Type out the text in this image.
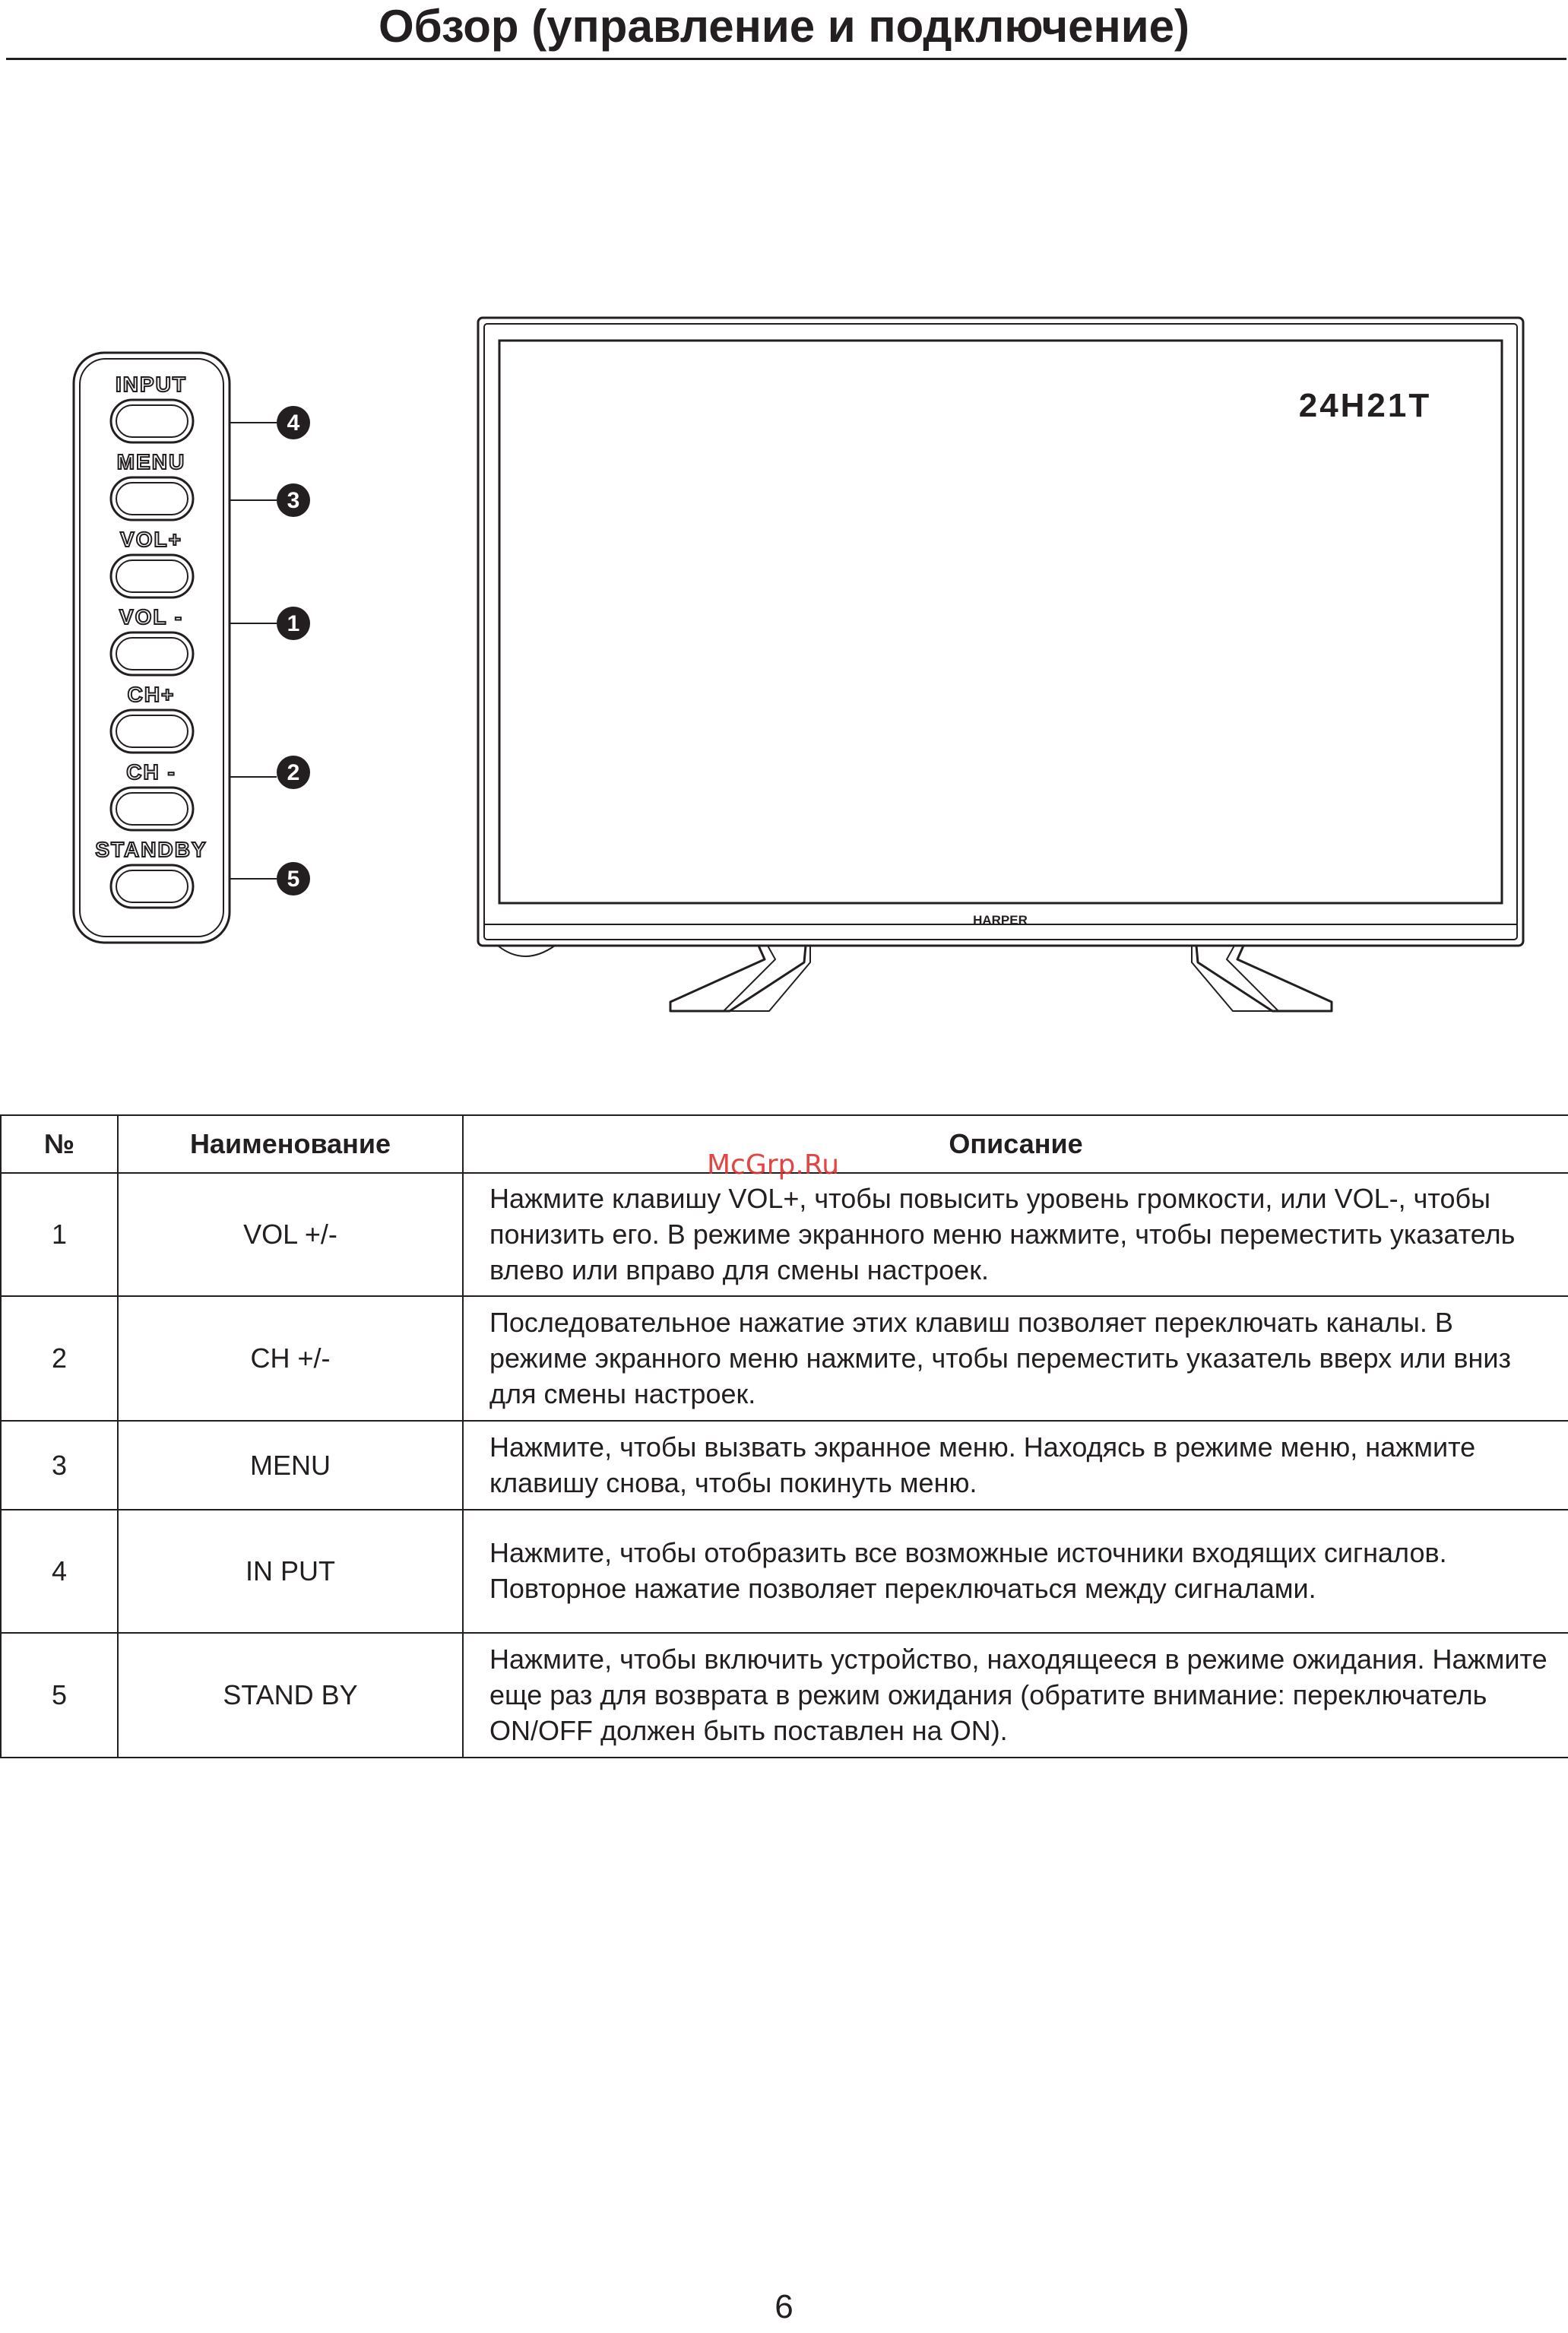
Обзор (управление и подключение)
INPUT
MENU
VOL+
VOL -
CH+
CH -
STANDBY
4
3
1
2
5
24H21T
HARPER
№	Наименование	Описание
1	VOL +/-	Нажмите клавишу VOL+, чтобы повысить уровень громкости, или VOL-, чтобы понизить его. В режиме экранного меню нажмите, чтобы переместить указатель влево или вправо для смены настроек.
2	CH +/-	Последовательное нажатие этих клавиш позволяет переключать каналы. В режиме экранного меню нажмите, чтобы переместить указатель вверх или вниз для смены настроек.
3	MENU	Нажмите, чтобы вызвать экранное меню. Находясь в режиме меню, нажмите клавишу снова, чтобы покинуть меню.
4	IN PUT	Нажмите, чтобы отобразить все возможные источники входящих сигналов. Повторное нажатие позволяет переключаться между сигналами.
5	STAND BY	Нажмите, чтобы включить устройство, находящееся в режиме ожидания. Нажмите еще раз для возврата в режим ожидания (обратите внимание: переключатель ON/OFF должен быть поставлен на ON).
McGrp.Ru
6
